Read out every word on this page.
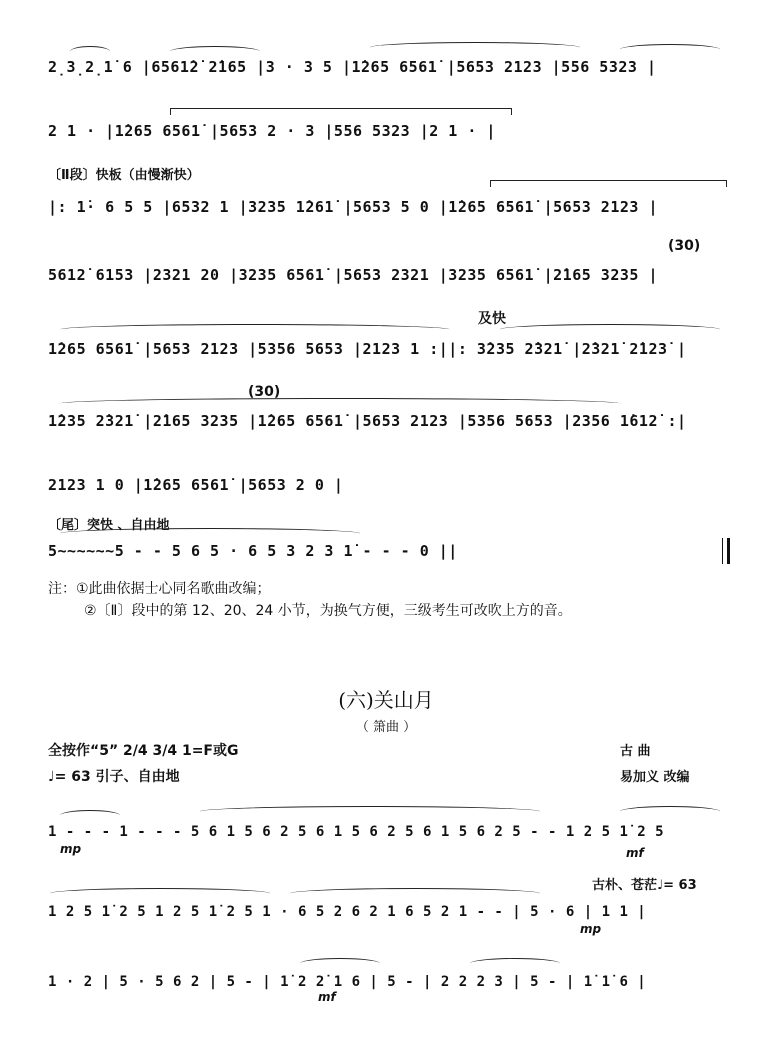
2̣3̣2̣1̇ 6 |6561̇2̇ 2̇165 |3 · 3 5 |1̇265 6561̇ |5653 2123 |556 5323 |
2 1 · |1̇265 6561̇ |5653 2 · 3 |556 5323 |2 1 · |
〔Ⅱ段〕快板（由慢渐快）
|: 1̇· 6 5 5 |6532 1 |3235 1̇261̇ |5653 5 0 |1̇265 6561̇ |5653 2123 |
(30)
5612̇ 6153 |2321 20 |3235 6561̇ |5653 2321 |3235 6561̇ |2̇165 3235 |
及快
1̇265 6561̇ |5653 2123 |5356 5653 |2123 1 :||: 3̇235 2̇321̇ |2̇321̇ 2̇123̇ |
(30)
1̇235 2̇321̇ |2̇165 3235 |1̇265 6561̇ |5653 2123 |5356 5653 |2356 1̇612̇ :|
2123 1 0 |1̇265 6561̇ |5653 2 0 |
〔尾〕突快 、自由地
5~~~~~~5 - - 5 6 5 · 6 5 3 2 3 1̇ - - - 0 ||
注：①此曲依据士心同名歌曲改编；
②〔Ⅱ〕段中的第 12、20、24 小节，为换气方便，三级考生可改吹上方的音。
(六)关山月
（ 箫曲 ）
全按作“5” 2/4 3/4 1=F或G	古 曲
♩= 63 引子、自由地	易加义 改编
1 - - - 1 - - - 5 6 1 5 6 2 5 6 1 5 6 2 5 6 1 5 6 2 5 - - 1 2 5 1̇ 2 5
mp	mf
古朴、苍茫♩= 63
1 2 5 1̇ 2 5 1 2 5 1̇ 2 5 1 · 6 5 2 6 2 1 6 5 2 1 - - | 5 · 6 | 1 1 |
mp
1 · 2 | 5 · 5 6 2 | 5 - | 1̇ 2 2̇ 1 6 | 5 - | 2 2 2 3 | 5 - | 1̇ 1̇ 6 |
mf
